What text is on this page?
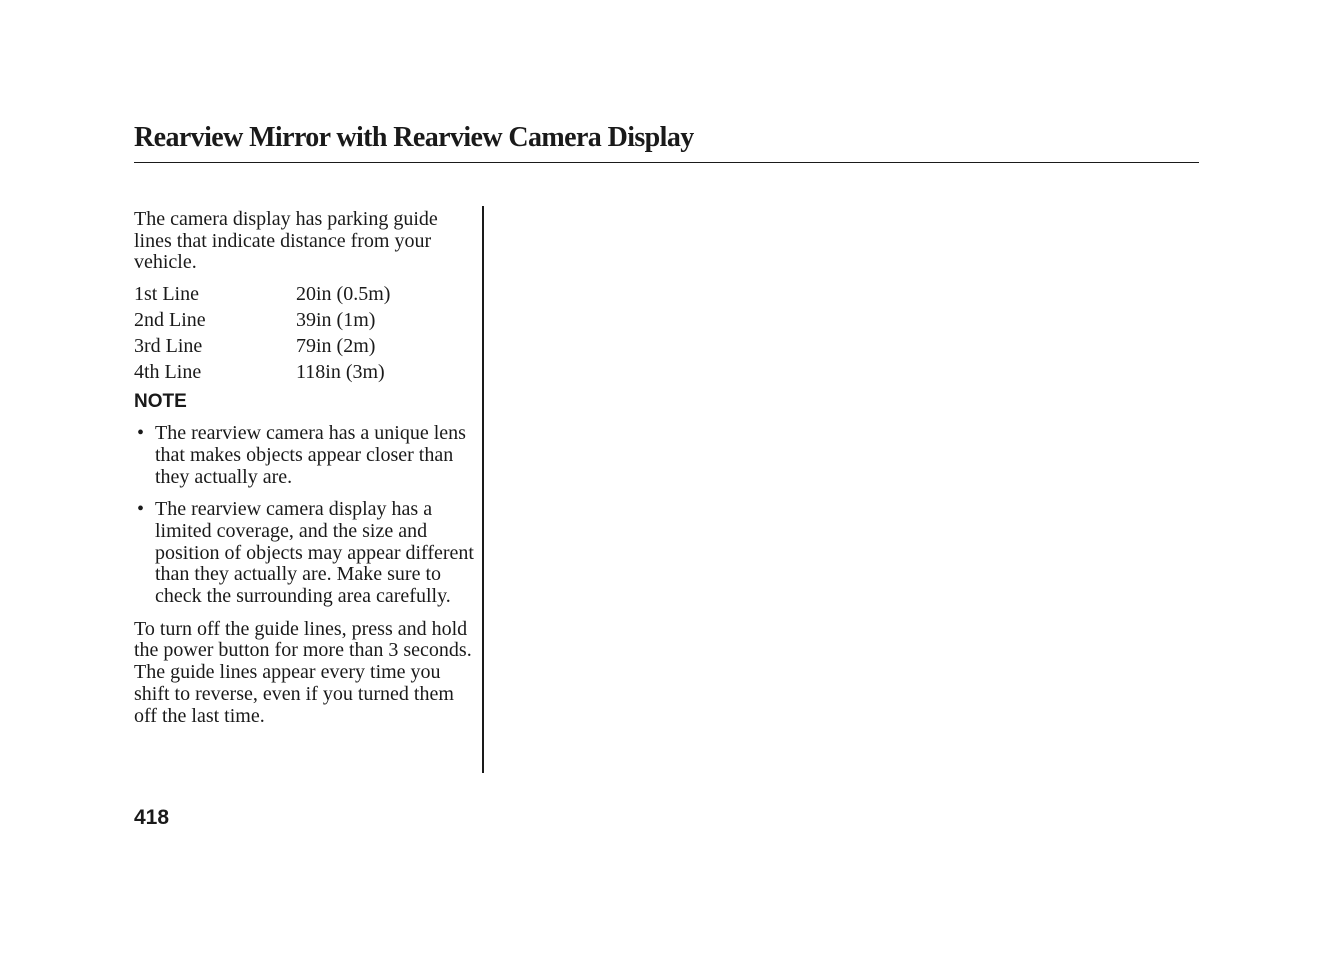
Rearview Mirror with Rearview Camera Display

The camera display has parking guide lines that indicate distance from your vehicle.

1st Line	20in (0.5m)
2nd Line	39in (1m)
3rd Line	79in (2m)
4th Line	118in (3m)
NOTE
• The rearview camera has a unique lens that makes objects appear closer than they actually are.
• The rearview camera display has a limited coverage, and the size and position of objects may appear different than they actually are. Make sure to check the surrounding area carefully.

To turn off the guide lines, press and hold the power button for more than 3 seconds. The guide lines appear every time you shift to reverse, even if you turned them off the last time.

418
